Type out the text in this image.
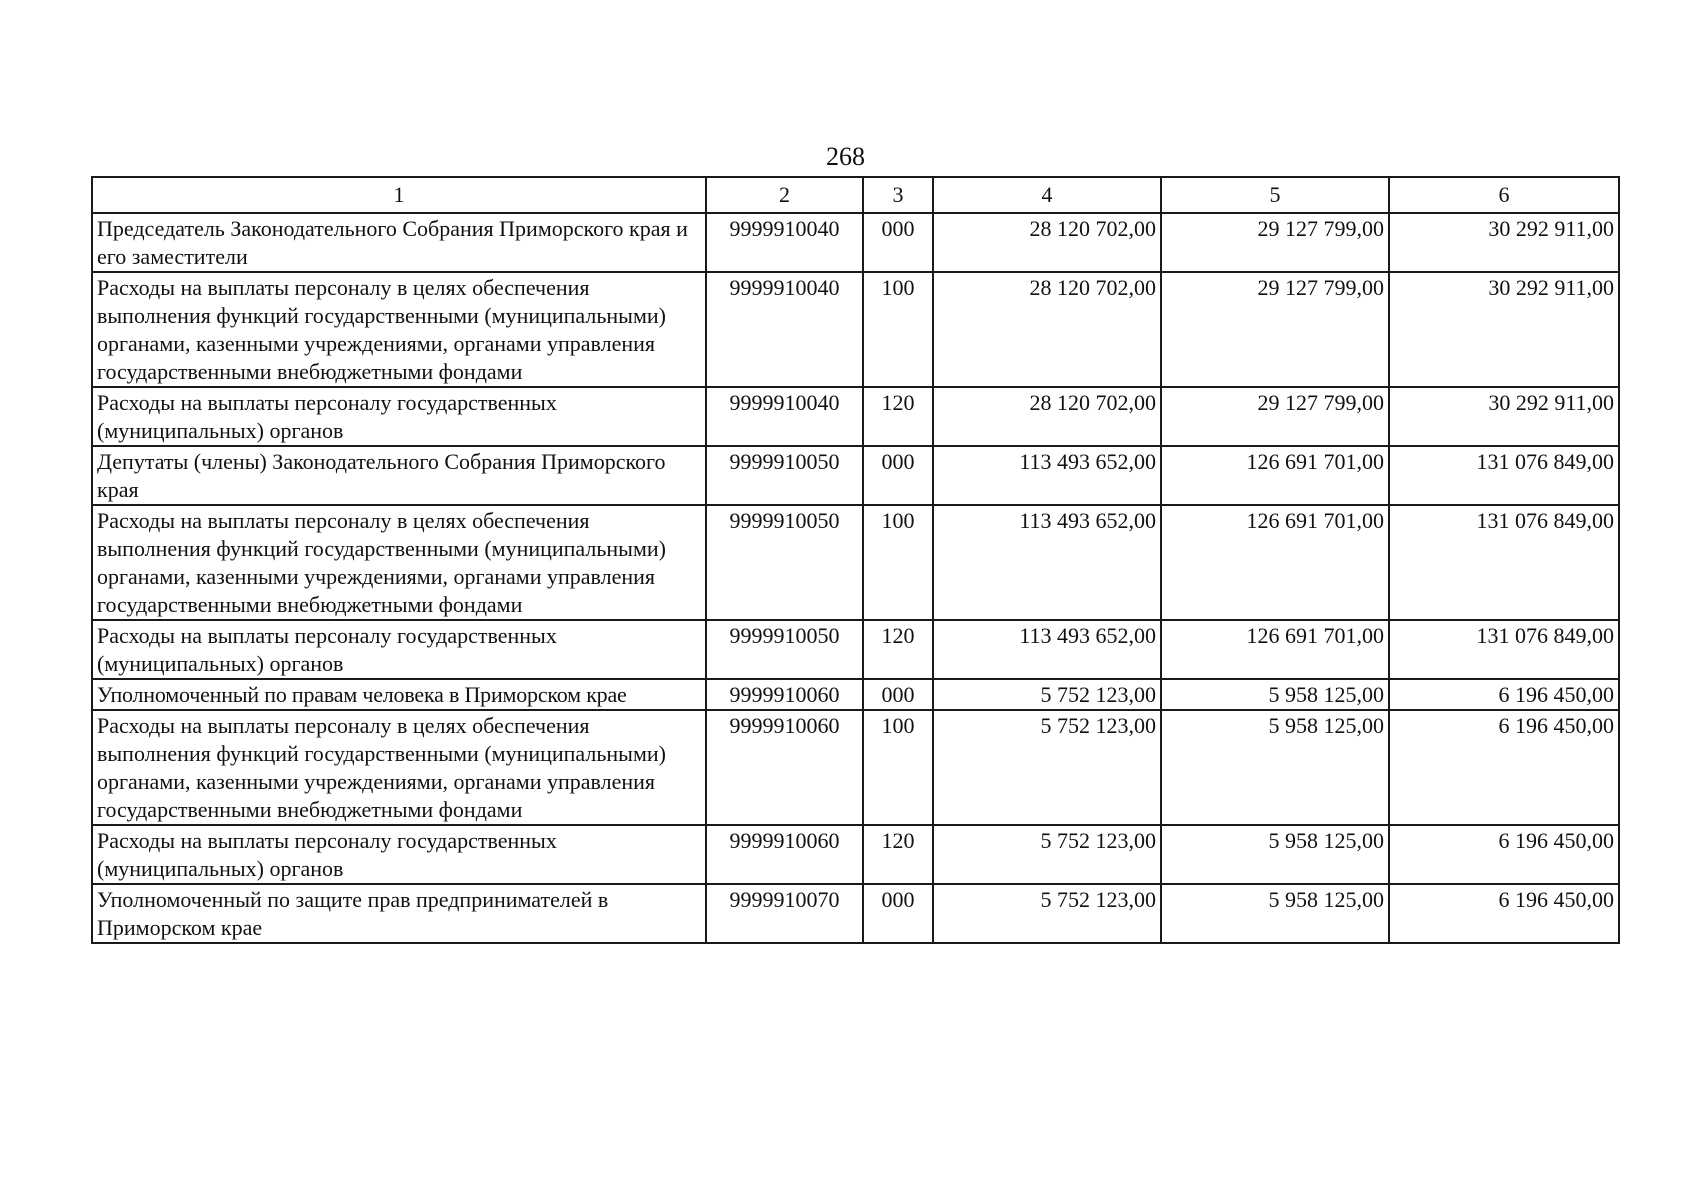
268
1	2	3	4	5	6
Председатель Законодательного Собрания Приморского края и его заместители	9999910040	000	28 120 702,00	29 127 799,00	30 292 911,00
Расходы на выплаты персоналу в целях обеспечения выполнения функций государственными (муниципальными) органами, казенными учреждениями, органами управления государственными внебюджетными фондами	9999910040	100	28 120 702,00	29 127 799,00	30 292 911,00
Расходы на выплаты персоналу государственных (муниципальных) органов	9999910040	120	28 120 702,00	29 127 799,00	30 292 911,00
Депутаты (члены) Законодательного Собрания Приморского края	9999910050	000	113 493 652,00	126 691 701,00	131 076 849,00
Расходы на выплаты персоналу в целях обеспечения выполнения функций государственными (муниципальными) органами, казенными учреждениями, органами управления государственными внебюджетными фондами	9999910050	100	113 493 652,00	126 691 701,00	131 076 849,00
Расходы на выплаты персоналу государственных (муниципальных) органов	9999910050	120	113 493 652,00	126 691 701,00	131 076 849,00
Уполномоченный по правам человека в Приморском крае	9999910060	000	5 752 123,00	5 958 125,00	6 196 450,00
Расходы на выплаты персоналу в целях обеспечения выполнения функций государственными (муниципальными) органами, казенными учреждениями, органами управления государственными внебюджетными фондами	9999910060	100	5 752 123,00	5 958 125,00	6 196 450,00
Расходы на выплаты персоналу государственных (муниципальных) органов	9999910060	120	5 752 123,00	5 958 125,00	6 196 450,00
Уполномоченный по защите прав предпринимателей в Приморском крае	9999910070	000	5 752 123,00	5 958 125,00	6 196 450,00
